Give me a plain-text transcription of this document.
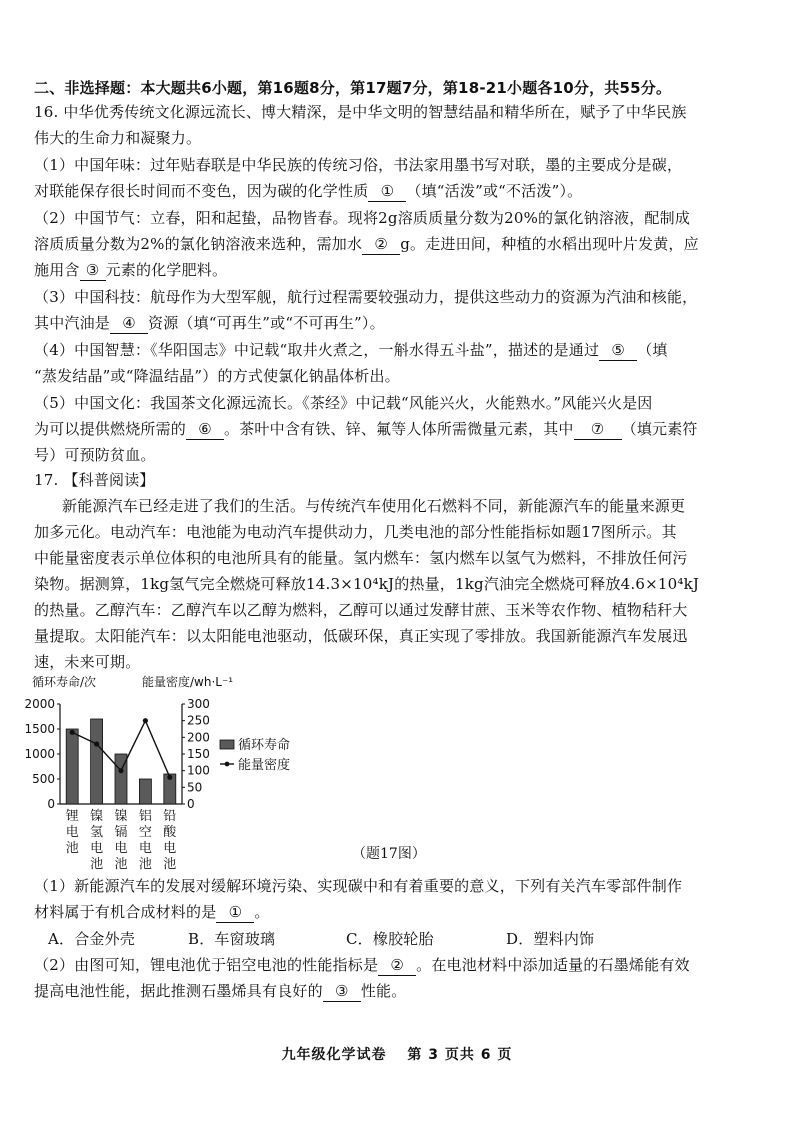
二、非选择题：本大题共6小题，第16题8分，第17题7分，第18-21小题各10分，共55分。
16. 中华优秀传统文化源远流长、博大精深，是中华文明的智慧结晶和精华所在，赋予了中华民族
伟大的生命力和凝聚力。
（1）中国年味：过年贴春联是中华民族的传统习俗，书法家用墨书写对联，墨的主要成分是碳，
对联能保存很长时间而不变色，因为碳的化学性质 ① （填“活泼”或“不活泼”）。
（2）中国节气：立春，阳和起蛰，品物皆春。现将2g溶质质量分数为20%的氯化钠溶液，配制成
溶质质量分数为2%的氯化钠溶液来选种，需加水 ② g。走进田间，种植的水稻出现叶片发黄，应
施用含 ③ 元素的化学肥料。
（3）中国科技：航母作为大型军舰，航行过程需要较强动力，提供这些动力的资源为汽油和核能，
其中汽油是 ④ 资源（填“可再生”或“不可再生”）。
（4）中国智慧：《华阳国志》中记载“取井火煮之，一斛水得五斗盐”，描述的是通过 ⑤ （填
“蒸发结晶”或“降温结晶”）的方式使氯化钠晶体析出。
（5）中国文化：我国茶文化源远流长。《茶经》中记载“风能兴火，火能熟水。”风能兴火是因
为可以提供燃烧所需的 ⑥ 。茶叶中含有铁、锌、氟等人体所需微量元素，其中 ⑦ （填元素符
号）可预防贫血。
17. 【科普阅读】
新能源汽车已经走进了我们的生活。与传统汽车使用化石燃料不同，新能源汽车的能量来源更
加多元化。电动汽车：电池能为电动汽车提供动力，几类电池的部分性能指标如题17图所示。其
中能量密度表示单位体积的电池所具有的能量。氢内燃车：氢内燃车以氢气为燃料，不排放任何污
染物。据测算，1kg氢气完全燃烧可释放14.3×10⁴kJ的热量，1kg汽油完全燃烧可释放4.6×10⁴kJ
的热量。乙醇汽车：乙醇汽车以乙醇为燃料，乙醇可以通过发酵甘蔗、玉米等农作物、植物秸秆大
量提取。太阳能汽车：以太阳能电池驱动，低碳环保，真正实现了零排放。我国新能源汽车发展迅
速，未来可期。
循环寿命/次	能量密度/wh·L⁻¹
0
500
1000
1500
2000
0
50
100
150
200
250
300
锂
电
池
镍
氢
电
池
镍
镉
电
池
铝
空
电
池
铅
酸
电
池
循环寿命
能量密度
（题17图）
（1）新能源汽车的发展对缓解环境污染、实现碳中和有着重要的意义，下列有关汽车零部件制作
材料属于有机合成材料的是 ① 。
A．合金外壳	B．车窗玻璃	C．橡胶轮胎	D．塑料内饰
（2）由图可知，锂电池优于铝空电池的性能指标是 ② 。在电池材料中添加适量的石墨烯能有效
提高电池性能，据此推测石墨烯具有良好的 ③ 性能。
九年级化学试卷　 第 3 页共 6 页
